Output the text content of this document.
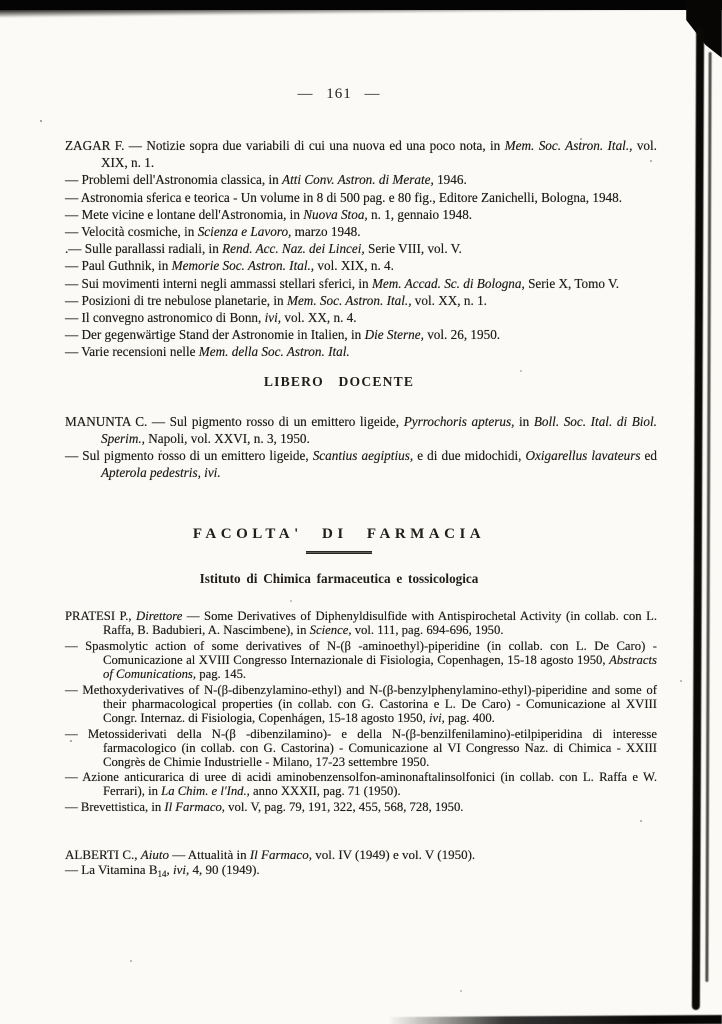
— 161 —

ZAGAR F. — Notizie sopra due variabili di cui una nuova ed una poco nota, in Mem. Soc. Astron. Ital., vol. XIX, n. 1.

— Problemi dell'Astronomia classica, in Atti Conv. Astron. di Merate, 1946.

— Astronomia sferica e teorica - Un volume in 8 di 500 pag. e 80 fig., Editore Zanichelli, Bologna, 1948.

— Mete vicine e lontane dell'Astronomia, in Nuova Stoa, n. 1, gennaio 1948.

— Velocità cosmiche, in Scienza e Lavoro, marzo 1948.

.— Sulle parallassi radiali, in Rend. Acc. Naz. dei Lincei, Serie VIII, vol. V.

— Paul Guthnik, in Memorie Soc. Astron. Ital., vol. XIX, n. 4.

— Sui movimenti interni negli ammassi stellari sferici, in Mem. Accad. Sc. di Bologna, Serie X, Tomo V.

— Posizioni di tre nebulose planetarie, in Mem. Soc. Astron. Ital., vol. XX, n. 1.

— Il convegno astronomico di Bonn, ivi, vol. XX, n. 4.

— Der gegenwärtige Stand der Astronomie in Italien, in Die Sterne, vol. 26, 1950.

— Varie recensioni nelle Mem. della Soc. Astron. Ital.

LIBERO DOCENTE

MANUNTA C. — Sul pigmento rosso di un emittero ligeide, Pyrrochoris apterus, in Boll. Soc. Ital. di Biol. Sperim., Napoli, vol. XXVI, n. 3, 1950.

— Sul pigmento rosso di un emittero ligeide, Scantius aegiptius, e di due midochidi, Oxigarellus lavateurs ed Apterola pedestris, ivi.

FACOLTA' DI FARMACIA
Istituto di Chimica farmaceutica e tossicologica

PRATESI P., Direttore — Some Derivatives of Diphenyldisulfide with Antispirochetal Activity (in collab. con L. Raffa, B. Badubieri, A. Nascimbene), in Science, vol. 111, pag. 694-696, 1950.

— Spasmolytic action of some derivatives of N-(β -aminoethyl)-piperidine (in collab. con L. De Caro) - Comunicazione al XVIII Congresso Internazionale di Fisiologia, Copenhagen, 15-18 agosto 1950, Abstracts of Comunications, pag. 145.

— Methoxyderivatives of N-(β-dibenzylamino-ethyl) and N-(β-benzylphenylamino-ethyl)-piperidine and some of their pharmacological properties (in collab. con G. Castorina e L. De Caro) - Comunicazione al XVIII Congr. Internaz. di Fisiologia, Copenhágen, 15-18 agosto 1950, ivi, pag. 400.

— Metossiderivati della N-(β -dibenzilamino)- e della N-(β-benzilfenilamino)-etilpiperidina di interesse farmacologico (in collab. con G. Castorina) - Comunicazione al VI Congresso Naz. di Chimica - XXIII Congrès de Chimie Industrielle - Milano, 17-23 settembre 1950.

— Azione anticurarica di uree di acidi aminobenzensolfon-aminonaftalinsolfonici (in collab. con L. Raffa e W. Ferrari), in La Chim. e l'Ind., anno XXXII, pag. 71 (1950).

— Brevettistica, in Il Farmaco, vol. V, pag. 79, 191, 322, 455, 568, 728, 1950.

ALBERTI C., Aiuto — Attualità in Il Farmaco, vol. IV (1949) e vol. V (1950).

— La Vitamina $B_{14}$, ivi, 4, 90 (1949).
